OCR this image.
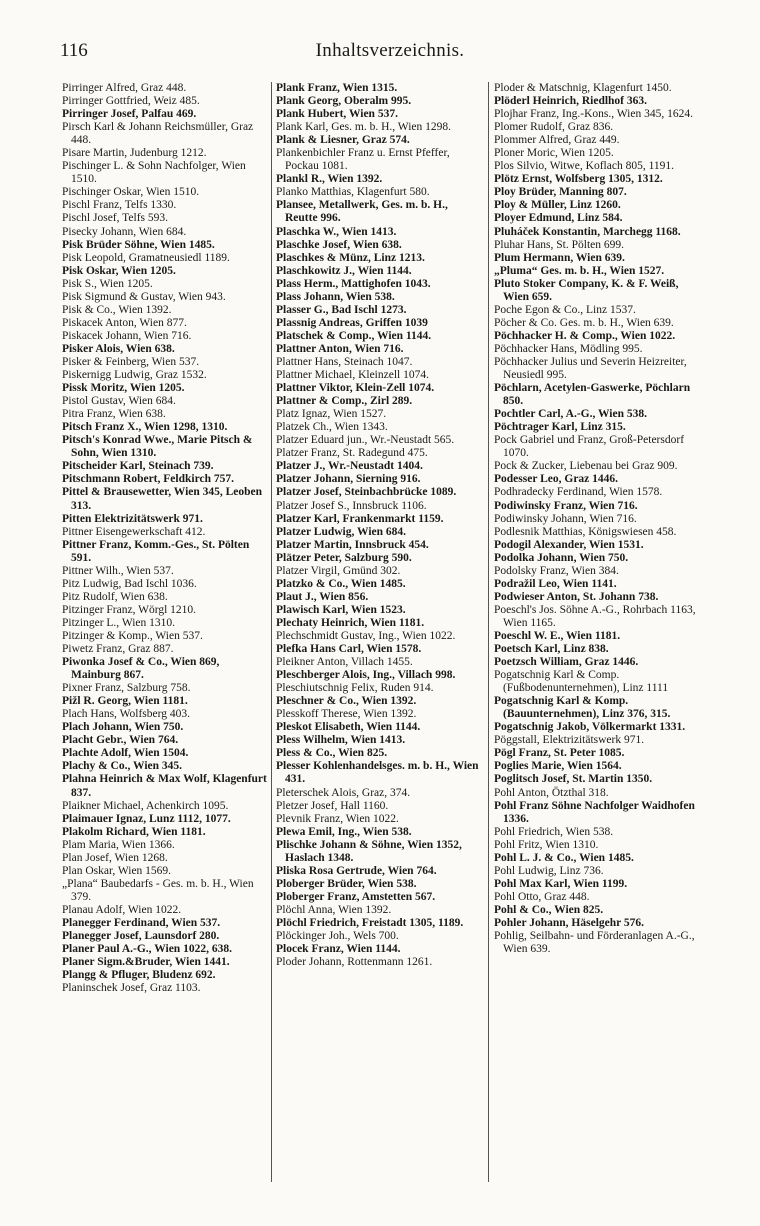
116	Inhaltsverzeichnis.
Pirringer Alfred, Graz 448.
Pirringer Gottfried, Weiz 485.
Pirringer Josef, Palfau 469.
Pirsch Karl & Johann Reichsmüller, Graz 448.
Pisare Martin, Judenburg 1212.
Pischinger L. & Sohn Nachfolger, Wien 1510.
Pischinger Oskar, Wien 1510.
Pischl Franz, Telfs 1330.
Pischl Josef, Telfs 593.
Pisecky Johann, Wien 684.
Pisk Brüder Söhne, Wien 1485.
Pisk Leopold, Gramatneusiedl 1189.
Pisk Oskar, Wien 1205.
Pisk S., Wien 1205.
Pisk Sigmund & Gustav, Wien 943.
Pisk & Co., Wien 1392.
Piskacek Anton, Wien 877.
Piskacek Johann, Wien 716.
Pisker Alois, Wien 638.
Pisker & Feinberg, Wien 537.
Piskernigg Ludwig, Graz 1532.
Pissk Moritz, Wien 1205.
Pistol Gustav, Wien 684.
Pitra Franz, Wien 638.
Pitsch Franz X., Wien 1298, 1310.
Pitsch's Konrad Wwe., Marie Pitsch & Sohn, Wien 1310.
Pitscheider Karl, Steinach 739.
Pitschmann Robert, Feldkirch 757.
Pittel & Brausewetter, Wien 345, Leoben 313.
Pitten Elektrizitätswerk 971.
Pittner Eisengewerkschaft 412.
Pittner Franz, Komm.-Ges., St. Pölten 591.
Pittner Wilh., Wien 537.
Pitz Ludwig, Bad Ischl 1036.
Pitz Rudolf, Wien 638.
Pitzinger Franz, Wörgl 1210.
Pitzinger L., Wien 1310.
Pitzinger & Komp., Wien 537.
Piwetz Franz, Graz 887.
Piwonka Josef & Co., Wien 869, Mainburg 867.
Pixner Franz, Salzburg 758.
Pižl R. Georg, Wien 1181.
Plach Hans, Wolfsberg 403.
Plach Johann, Wien 750.
Placht Gebr., Wien 764.
Plachte Adolf, Wien 1504.
Plachy & Co., Wien 345.
Plahna Heinrich & Max Wolf, Klagenfurt 837.
Plaikner Michael, Achenkirch 1095.
Plaimauer Ignaz, Lunz 1112, 1077.
Plakolm Richard, Wien 1181.
Plam Maria, Wien 1366.
Plan Josef, Wien 1268.
Plan Oskar, Wien 1569.
„Plana“ Baubedarfs - Ges. m. b. H., Wien 379.
Planau Adolf, Wien 1022.
Planegger Ferdinand, Wien 537.
Planegger Josef, Launsdorf 280.
Planer Paul A.-G., Wien 1022, 638.
Planer Sigm.&Bruder, Wien 1441.
Plangg & Pfluger, Bludenz 692.
Planinschek Josef, Graz 1103.
Plank Franz, Wien 1315.
Plank Georg, Oberalm 995.
Plank Hubert, Wien 537.
Plank Karl, Ges. m. b. H., Wien 1298.
Plank & Liesner, Graz 574.
Plankenbichler Franz u. Ernst Pfeffer, Pockau 1081.
Plankl R., Wien 1392.
Planko Matthias, Klagenfurt 580.
Plansee, Metallwerk, Ges. m. b. H., Reutte 996.
Plaschka W., Wien 1413.
Plaschke Josef, Wien 638.
Plaschkes & Münz, Linz 1213.
Plaschkowitz J., Wien 1144.
Plass Herm., Mattighofen 1043.
Plass Johann, Wien 538.
Plasser G., Bad Ischl 1273.
Plassnig Andreas, Griffen 1039
Platschek & Comp., Wien 1144.
Plattner Anton, Wien 716.
Plattner Hans, Steinach 1047.
Plattner Michael, Kleinzell 1074.
Plattner Viktor, Klein-Zell 1074.
Plattner & Comp., Zirl 289.
Platz Ignaz, Wien 1527.
Platzek Ch., Wien 1343.
Platzer Eduard jun., Wr.-Neustadt 565.
Platzer Franz, St. Radegund 475.
Platzer J., Wr.-Neustadt 1404.
Platzer Johann, Sierning 916.
Platzer Josef, Steinbachbrücke 1089.
Platzer Josef S., Innsbruck 1106.
Platzer Karl, Frankenmarkt 1159.
Platzer Ludwig, Wien 684.
Platzer Martin, Innsbruck 454.
Plätzer Peter, Salzburg 590.
Platzer Virgil, Gmünd 302.
Platzko & Co., Wien 1485.
Plaut J., Wien 856.
Plawisch Karl, Wien 1523.
Plechaty Heinrich, Wien 1181.
Plechschmidt Gustav, Ing., Wien 1022.
Plefka Hans Carl, Wien 1578.
Pleikner Anton, Villach 1455.
Pleschberger Alois, Ing., Villach 998.
Pleschiutschnig Felix, Ruden 914.
Pleschner & Co., Wien 1392.
Plesskoff Therese, Wien 1392.
Pleskot Elisabeth, Wien 1144.
Pless Wilhelm, Wien 1413.
Pless & Co., Wien 825.
Plesser Kohlenhandelsges. m. b. H., Wien 431.
Pleterschek Alois, Graz, 374.
Pletzer Josef, Hall 1160.
Plevnik Franz, Wien 1022.
Plewa Emil, Ing., Wien 538.
Plischke Johann & Söhne, Wien 1352, Haslach 1348.
Pliska Rosa Gertrude, Wien 764.
Ploberger Brüder, Wien 538.
Ploberger Franz, Amstetten 567.
Plöchl Anna, Wien 1392.
Plöchl Friedrich, Freistadt 1305, 1189.
Plöckinger Joh., Wels 700.
Plocek Franz, Wien 1144.
Ploder Johann, Rottenmann 1261.
Ploder & Matschnig, Klagenfurt 1450.
Plöderl Heinrich, Riedlhof 363.
Plojhar Franz, Ing.-Kons., Wien 345, 1624.
Plomer Rudolf, Graz 836.
Plommer Alfred, Graz 449.
Ploner Moric, Wien 1205.
Plos Silvio, Witwe, Koflach 805, 1191.
Plötz Ernst, Wolfsberg 1305, 1312.
Ploy Brüder, Manning 807.
Ploy & Müller, Linz 1260.
Ployer Edmund, Linz 584.
Pluháček Konstantin, Marchegg 1168.
Pluhar Hans, St. Pölten 699.
Plum Hermann, Wien 639.
„Pluma“ Ges. m. b. H., Wien 1527.
Pluto Stoker Company, K. & F. Weiß, Wien 659.
Poche Egon & Co., Linz 1537.
Pöcher & Co. Ges. m. b. H., Wien 639.
Pöchhacker H. & Comp., Wien 1022.
Pöchhacker Hans, Mödling 995.
Pöchhacker Julius und Severin Heizreiter, Neusiedl 995.
Pöchlarn, Acetylen-Gaswerke, Pöchlarn 850.
Pochtler Carl, A.-G., Wien 538.
Pöchtrager Karl, Linz 315.
Pock Gabriel und Franz, Groß-Petersdorf 1070.
Pock & Zucker, Liebenau bei Graz 909.
Podesser Leo, Graz 1446.
Podhradecky Ferdinand, Wien 1578.
Podiwinsky Franz, Wien 716.
Podiwinsky Johann, Wien 716.
Podlesnik Matthias, Königswiesen 458.
Podogil Alexander, Wien 1531.
Podolka Johann, Wien 750.
Podolsky Franz, Wien 384.
Podražil Leo, Wien 1141.
Podwieser Anton, St. Johann 738.
Poeschl's Jos. Söhne A.-G., Rohrbach 1163, Wien 1165.
Poeschl W. E., Wien 1181.
Poetsch Karl, Linz 838.
Poetzsch William, Graz 1446.
Pogatschnig Karl & Comp. (Fußbodenunternehmen), Linz 1111
Pogatschnig Karl & Komp. (Bauunternehmen), Linz 376, 315.
Pogatschnig Jakob, Völkermarkt 1331.
Pöggstall, Elektrizitätswerk 971.
Pögl Franz, St. Peter 1085.
Poglies Marie, Wien 1564.
Poglitsch Josef, St. Martin 1350.
Pohl Anton, Ötzthal 318.
Pohl Franz Söhne Nachfolger Waidhofen 1336.
Pohl Friedrich, Wien 538.
Pohl Fritz, Wien 1310.
Pohl L. J. & Co., Wien 1485.
Pohl Ludwig, Linz 736.
Pohl Max Karl, Wien 1199.
Pohl Otto, Graz 448.
Pohl & Co., Wien 825.
Pohler Johann, Häselgehr 576.
Pohlig, Seilbahn- und Förderanlagen A.-G., Wien 639.
